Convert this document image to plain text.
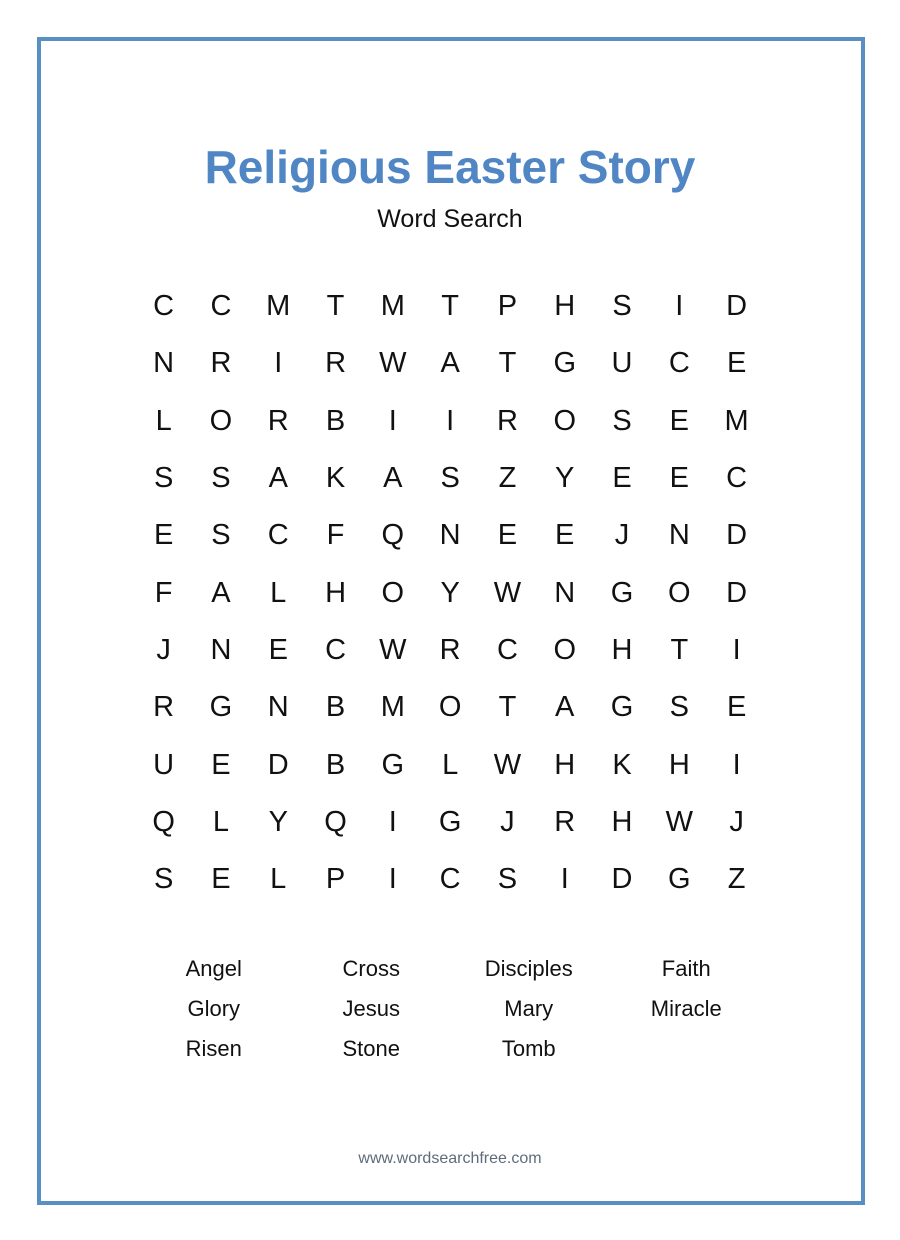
Religious Easter Story
Word Search
C	C	M	T	M	T	P	H	S	I	D
N	R	I	R	W	A	T	G	U	C	E
L	O	R	B	I	I	R	O	S	E	M
S	S	A	K	A	S	Z	Y	E	E	C
E	S	C	F	Q	N	E	E	J	N	D
F	A	L	H	O	Y	W	N	G	O	D
J	N	E	C	W	R	C	O	H	T	I
R	G	N	B	M	O	T	A	G	S	E
U	E	D	B	G	L	W	H	K	H	I
Q	L	Y	Q	I	G	J	R	H	W	J
S	E	L	P	I	C	S	I	D	G	Z
Angel	Cross	Disciples	Faith
Glory	Jesus	Mary	Miracle
Risen	Stone	Tomb
www.wordsearchfree.com
